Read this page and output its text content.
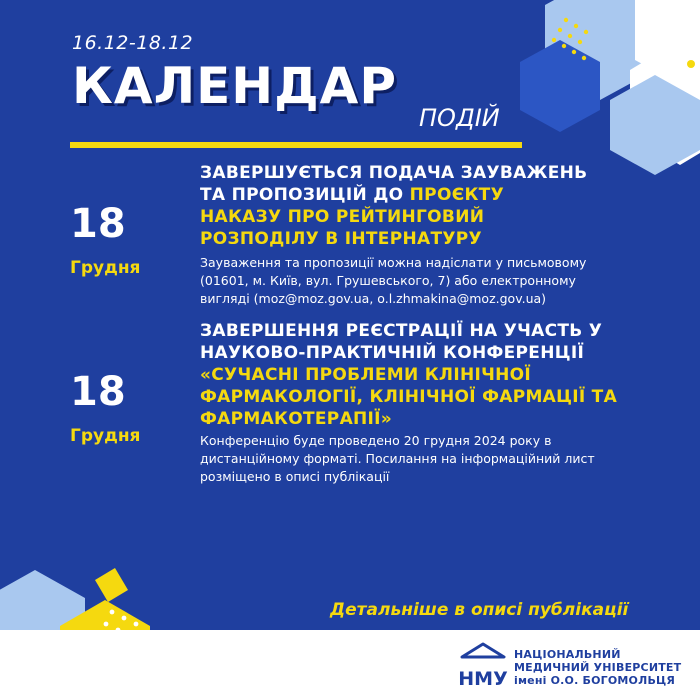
16.12-18.12
КАЛЕНДАР
ПОДІЙ
18
Грудня
ЗАВЕРШУЄТЬСЯ ПОДАЧА ЗАУВАЖЕНЬ
ТА ПРОПОЗИЦІЙ ДО ПРОЄКТУ
НАКАЗУ ПРО РЕЙТИНГОВИЙ
РОЗПОДІЛУ В ІНТЕРНАТУРУ
Зауваження та пропозиції можна надіслати у письмовому
(01601, м. Київ, вул. Грушевського, 7) або електронному
вигляді (moz@moz.gov.ua, o.l.zhmakina@moz.gov.ua)
18
Грудня
ЗАВЕРШЕННЯ РЕЄСТРАЦІЇ НА УЧАСТЬ У
НАУКОВО-ПРАКТИЧНІЙ КОНФЕРЕНЦІЇ
«СУЧАСНІ ПРОБЛЕМИ КЛІНІЧНОЇ
ФАРМАКОЛОГІЇ, КЛІНІЧНОЇ ФАРМАЦІЇ ТА
ФАРМАКОТЕРАПІЇ»
Конференцію буде проведено 20 грудня 2024 року в
дистанційному форматі. Посилання на інформаційний лист
розміщено в описі публікації
Детальніше в описі публікації
НМУ
НАЦІОНАЛЬНИЙ
МЕДИЧНИЙ УНІВЕРСИТЕТ
імені О.О. БОГОМОЛЬЦЯ
